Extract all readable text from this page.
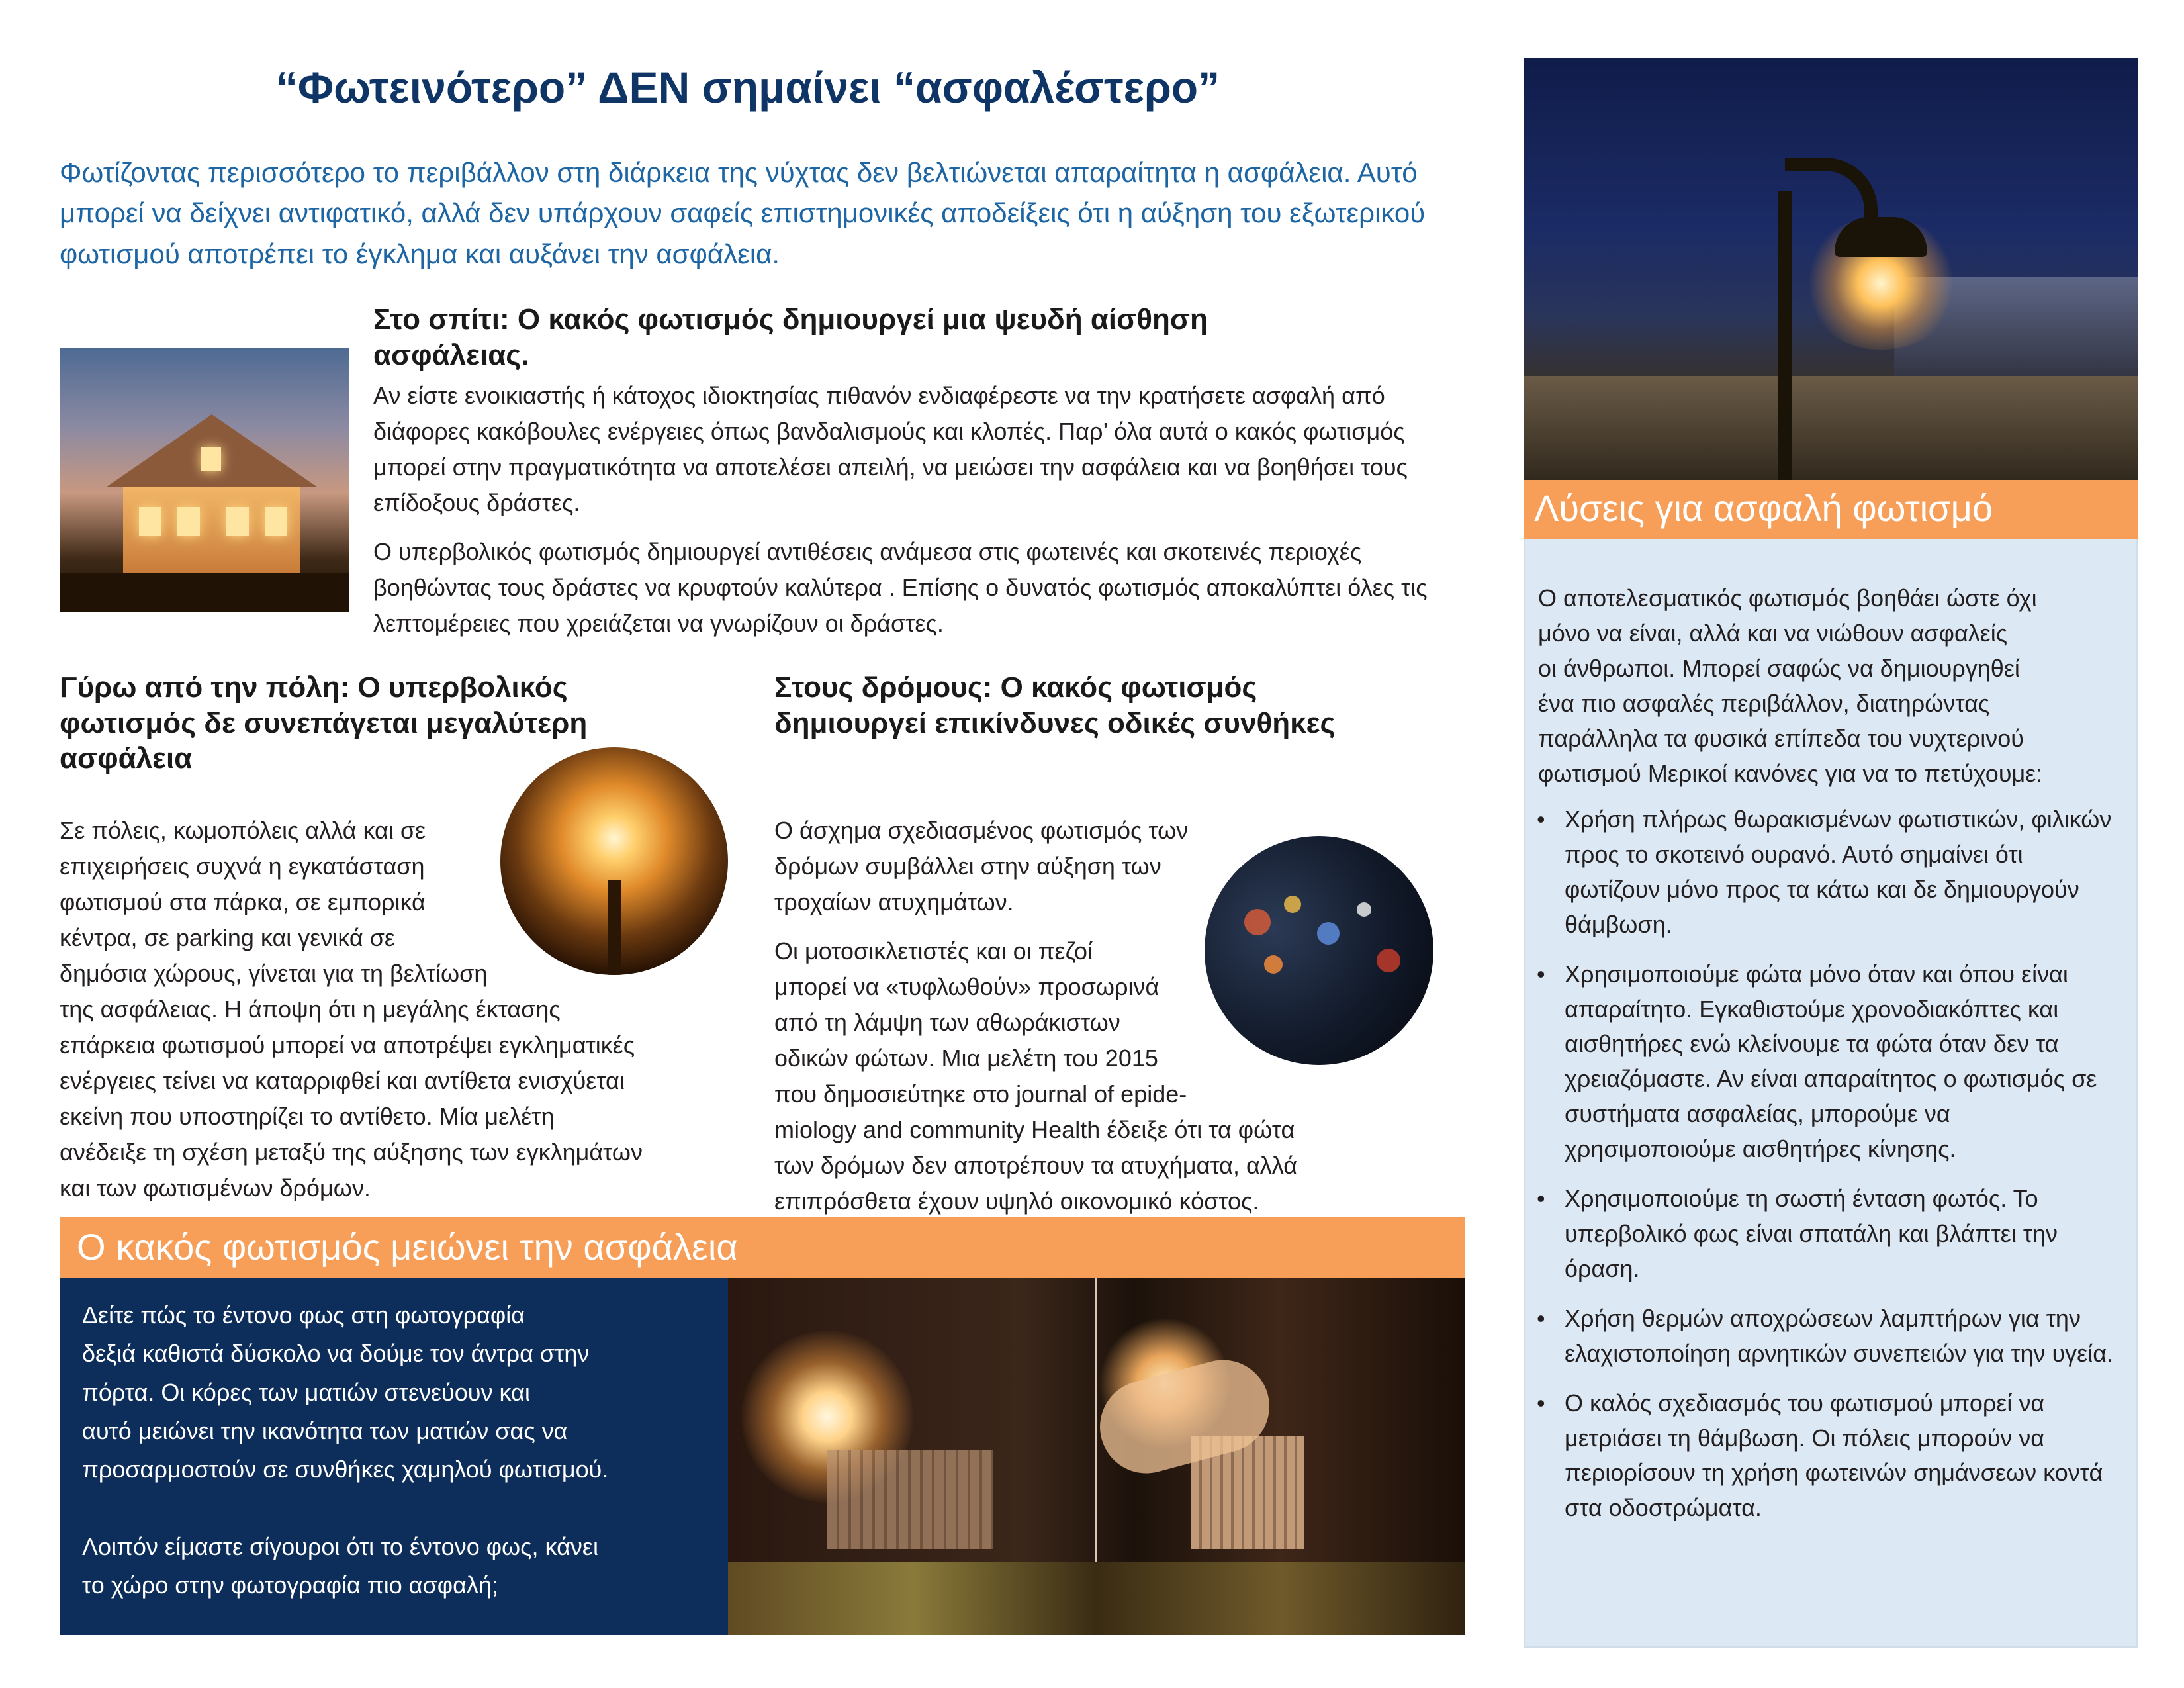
“Φωτεινότερο” ΔΕΝ σημαίνει “ασφαλέστερο”

Φωτίζοντας περισσότερο το περιβάλλον στη διάρκεια της νύχτας δεν βελτιώνεται απαραίτητα η ασφάλεια. Αυτό μπορεί να δείχνει αντιφατικό, αλλά δεν υπάρχουν σαφείς επιστημονικές αποδείξεις ότι η αύξηση του εξωτερικού φωτισμού αποτρέπει το έγκλημα και αυξάνει την ασφάλεια.

Στο σπίτι: Ο κακός φωτισμός δημιουργεί μια ψευδή αίσθηση ασφάλειας.

Αν είστε ενοικιαστής ή κάτοχος ιδιοκτησίας πιθανόν ενδιαφέρεστε να την κρατήσετε ασφαλή από διάφορες κακόβουλες ενέργειες όπως βανδαλισμούς και κλοπές. Παρ’ όλα αυτά ο κακός φωτισμός μπορεί στην πραγματικότητα να αποτελέσει απειλή, να μειώσει την ασφάλεια και να βοηθήσει τους επίδοξους δράστες.

Ο υπερβολικός φωτισμός δημιουργεί αντιθέσεις ανάμεσα στις φωτεινές και σκοτεινές περιοχές βοηθώντας τους δράστες να κρυφτούν καλύτερα . Επίσης ο δυνατός φωτισμός αποκαλύπτει όλες τις λεπτομέρειες που χρειάζεται να γνωρίζουν οι δράστες.

Γύρω από την πόλη: Ο υπερβολικός φωτισμός δε συνεπάγεται μεγαλύτερη ασφάλεια
Σε πόλεις, κωμοπόλεις αλλά και σε
επιχειρήσεις συχνά η εγκατάσταση
φωτισμού στα πάρκα, σε εμπορικά
κέντρα, σε parking και γενικά σε
δημόσια χώρους, γίνεται για τη βελτίωση
της ασφάλειας. Η άποψη ότι η μεγάλης έκτασης
επάρκεια φωτισμού μπορεί να αποτρέψει εγκληματικές
ενέργειες τείνει να καταρριφθεί και αντίθετα ενισχύεται
εκείνη που υποστηρίζει το αντίθετο. Μία μελέτη
ανέδειξε τη σχέση μεταξύ της αύξησης των εγκλημάτων
και των φωτισμένων δρόμων.
Στους δρόμους: Ο κακός φωτισμός δημιουργεί επικίνδυνες οδικές συνθήκες
Ο άσχημα σχεδιασμένος φωτισμός των
δρόμων συμβάλλει στην αύξηση των
τροχαίων ατυχημάτων.
Οι μοτοσικλετιστές και οι πεζοί
μπορεί να «τυφλωθούν» προσωρινά
από τη λάμψη των αθωράκιστων
οδικών φώτων. Μια μελέτη του 2015
που δημοσιεύτηκε στο journal of epide-
miology and community Health έδειξε ότι τα φώτα
των δρόμων δεν αποτρέπουν τα ατυχήματα, αλλά
επιπρόσθετα έχουν υψηλό οικονομικό κόστος.

Ο κακός φωτισμός μειώνει την ασφάλεια

Δείτε πώς το έντονο φως στη φωτογραφία

δεξιά καθιστά δύσκολο να δούμε τον άντρα στην

πόρτα. Οι κόρες των ματιών στενεύουν και

αυτό μειώνει την ικανότητα των ματιών σας να

προσαρμοστούν σε συνθήκες χαμηλού φωτισμού.

Λοιπόν είμαστε σίγουροι ότι το έντονο φως, κάνει

το χώρο στην φωτογραφία πιο ασφαλή;

Λύσεις για ασφαλή φωτισμό

Ο αποτελεσματικός φωτισμός βοηθάει ώστε όχι
μόνο να είναι, αλλά και να νιώθουν ασφαλείς
οι άνθρωποι. Μπορεί σαφώς να δημιουργηθεί
ένα πιο ασφαλές περιβάλλον, διατηρώντας
παράλληλα τα φυσικά επίπεδα του νυχτερινού
φωτισμού Μερικοί κανόνες για να το πετύχουμε:
• Χρήση πλήρως θωρακισμένων φωτιστικών, φιλικών προς το σκοτεινό ουρανό. Αυτό σημαίνει ότι φωτίζουν μόνο προς τα κάτω και δε δημιουργούν θάμβωση.
• Χρησιμοποιούμε φώτα μόνο όταν και όπου είναι απαραίτητο. Εγκαθιστούμε χρονοδιακόπτες και αισθητήρες ενώ κλείνουμε τα φώτα όταν δεν τα χρειαζόμαστε. Αν είναι απαραίτητος ο φωτισμός σε συστήματα ασφαλείας, μπορούμε να χρησιμοποιούμε αισθητήρες κίνησης.
• Χρησιμοποιούμε τη σωστή ένταση φωτός. Το υπερβολικό φως είναι σπατάλη και βλάπτει την όραση.
• Χρήση θερμών αποχρώσεων λαμπτήρων για την ελαχιστοποίηση αρνητικών συνεπειών για την υγεία.
• Ο καλός σχεδιασμός του φωτισμού μπορεί να μετριάσει τη θάμβωση. Οι πόλεις μπορούν να περιορίσουν τη χρήση φωτεινών σημάνσεων κοντά στα οδοστρώματα.
